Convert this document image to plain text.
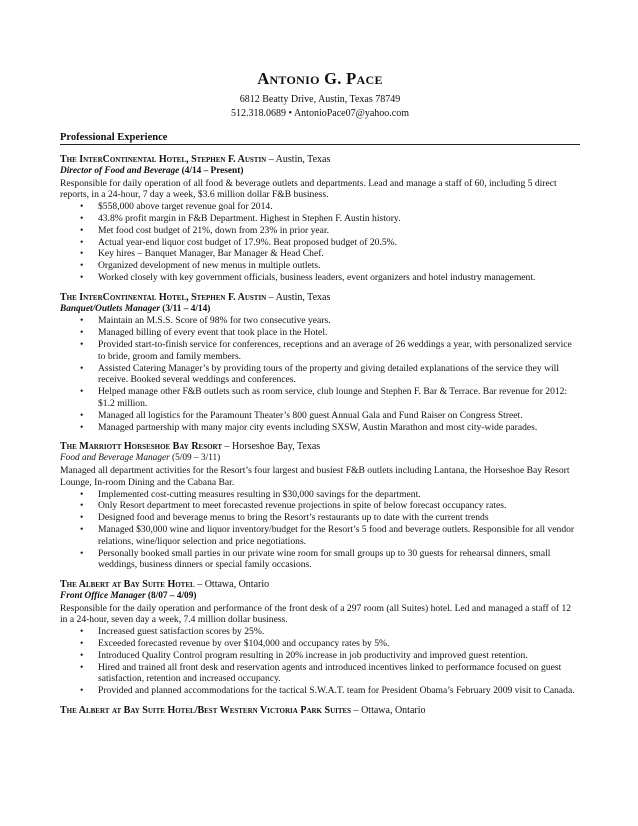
Antonio G. Pace
6812 Beatty Drive, Austin, Texas 78749
512.318.0689 • AntonioPace07@yahoo.com
Professional Experience
The InterContinental Hotel, Stephen F. Austin – Austin, Texas
Director of Food and Beverage (4/14 – Present)

Responsible for daily operation of all food & beverage outlets and departments. Lead and manage a staff of 60, including 5 direct reports, in a 24-hour, 7 day a week, $3.6 million dollar F&B business.

• $558,000 above target revenue goal for 2014.
• 43.8% profit margin in F&B Department. Highest in Stephen F. Austin history.
• Met food cost budget of 21%, down from 23% in prior year.
• Actual year-end liquor cost budget of 17.9%. Beat proposed budget of 20.5%.
• Key hires – Banquet Manager, Bar Manager & Head Chef.
• Organized development of new menus in multiple outlets.
• Worked closely with key government officials, business leaders, event organizers and hotel industry management.
The InterContinental Hotel, Stephen F. Austin – Austin, Texas
Banquet/Outlets Manager (3/11 – 4/14)
• Maintain an M.S.S. Score of 98% for two consecutive years.
• Managed billing of every event that took place in the Hotel.
• Provided start-to-finish service for conferences, receptions and an average of 26 weddings a year, with personalized service to bride, groom and family members.
• Assisted Catering Manager’s by providing tours of the property and giving detailed explanations of the service they will receive. Booked several weddings and conferences.
• Helped manage other F&B outlets such as room service, club lounge and Stephen F. Bar & Terrace. Bar revenue for 2012: $1.2 million.
• Managed all logistics for the Paramount Theater’s 800 guest Annual Gala and Fund Raiser on Congress Street.
• Managed partnership with many major city events including SXSW, Austin Marathon and most city-wide parades.
The Marriott Horseshoe Bay Resort – Horseshoe Bay, Texas
Food and Beverage Manager (5/09 – 3/11)

Managed all department activities for the Resort’s four largest and busiest F&B outlets including Lantana, the Horseshoe Bay Resort Lounge, In-room Dining and the Cabana Bar.

• Implemented cost-cutting measures resulting in $30,000 savings for the department.
• Only Resort department to meet forecasted revenue projections in spite of below forecast occupancy rates.
• Designed food and beverage menus to bring the Resort’s restaurants up to date with the current trends
• Managed $30,000 wine and liquor inventory/budget for the Resort’s 5 food and beverage outlets. Responsible for all vendor relations, wine/liquor selection and price negotiations.
• Personally booked small parties in our private wine room for small groups up to 30 guests for rehearsal dinners, small weddings, business dinners or special family occasions.
The Albert at Bay Suite Hotel – Ottawa, Ontario
Front Office Manager (8/07 – 4/09)

Responsible for the daily operation and performance of the front desk of a 297 room (all Suites) hotel. Led and managed a staff of 12 in a 24-hour, seven day a week, 7.4 million dollar business.

• Increased guest satisfaction scores by 25%.
• Exceeded forecasted revenue by over $104,000 and occupancy rates by 5%.
• Introduced Quality Control program resulting in 20% increase in job productivity and improved guest retention.
• Hired and trained all front desk and reservation agents and introduced incentives linked to performance focused on guest satisfaction, retention and increased occupancy.
• Provided and planned accommodations for the tactical S.W.A.T. team for President Obama’s February 2009 visit to Canada.
The Albert at Bay Suite Hotel/Best Western Victoria Park Suites – Ottawa, Ontario
